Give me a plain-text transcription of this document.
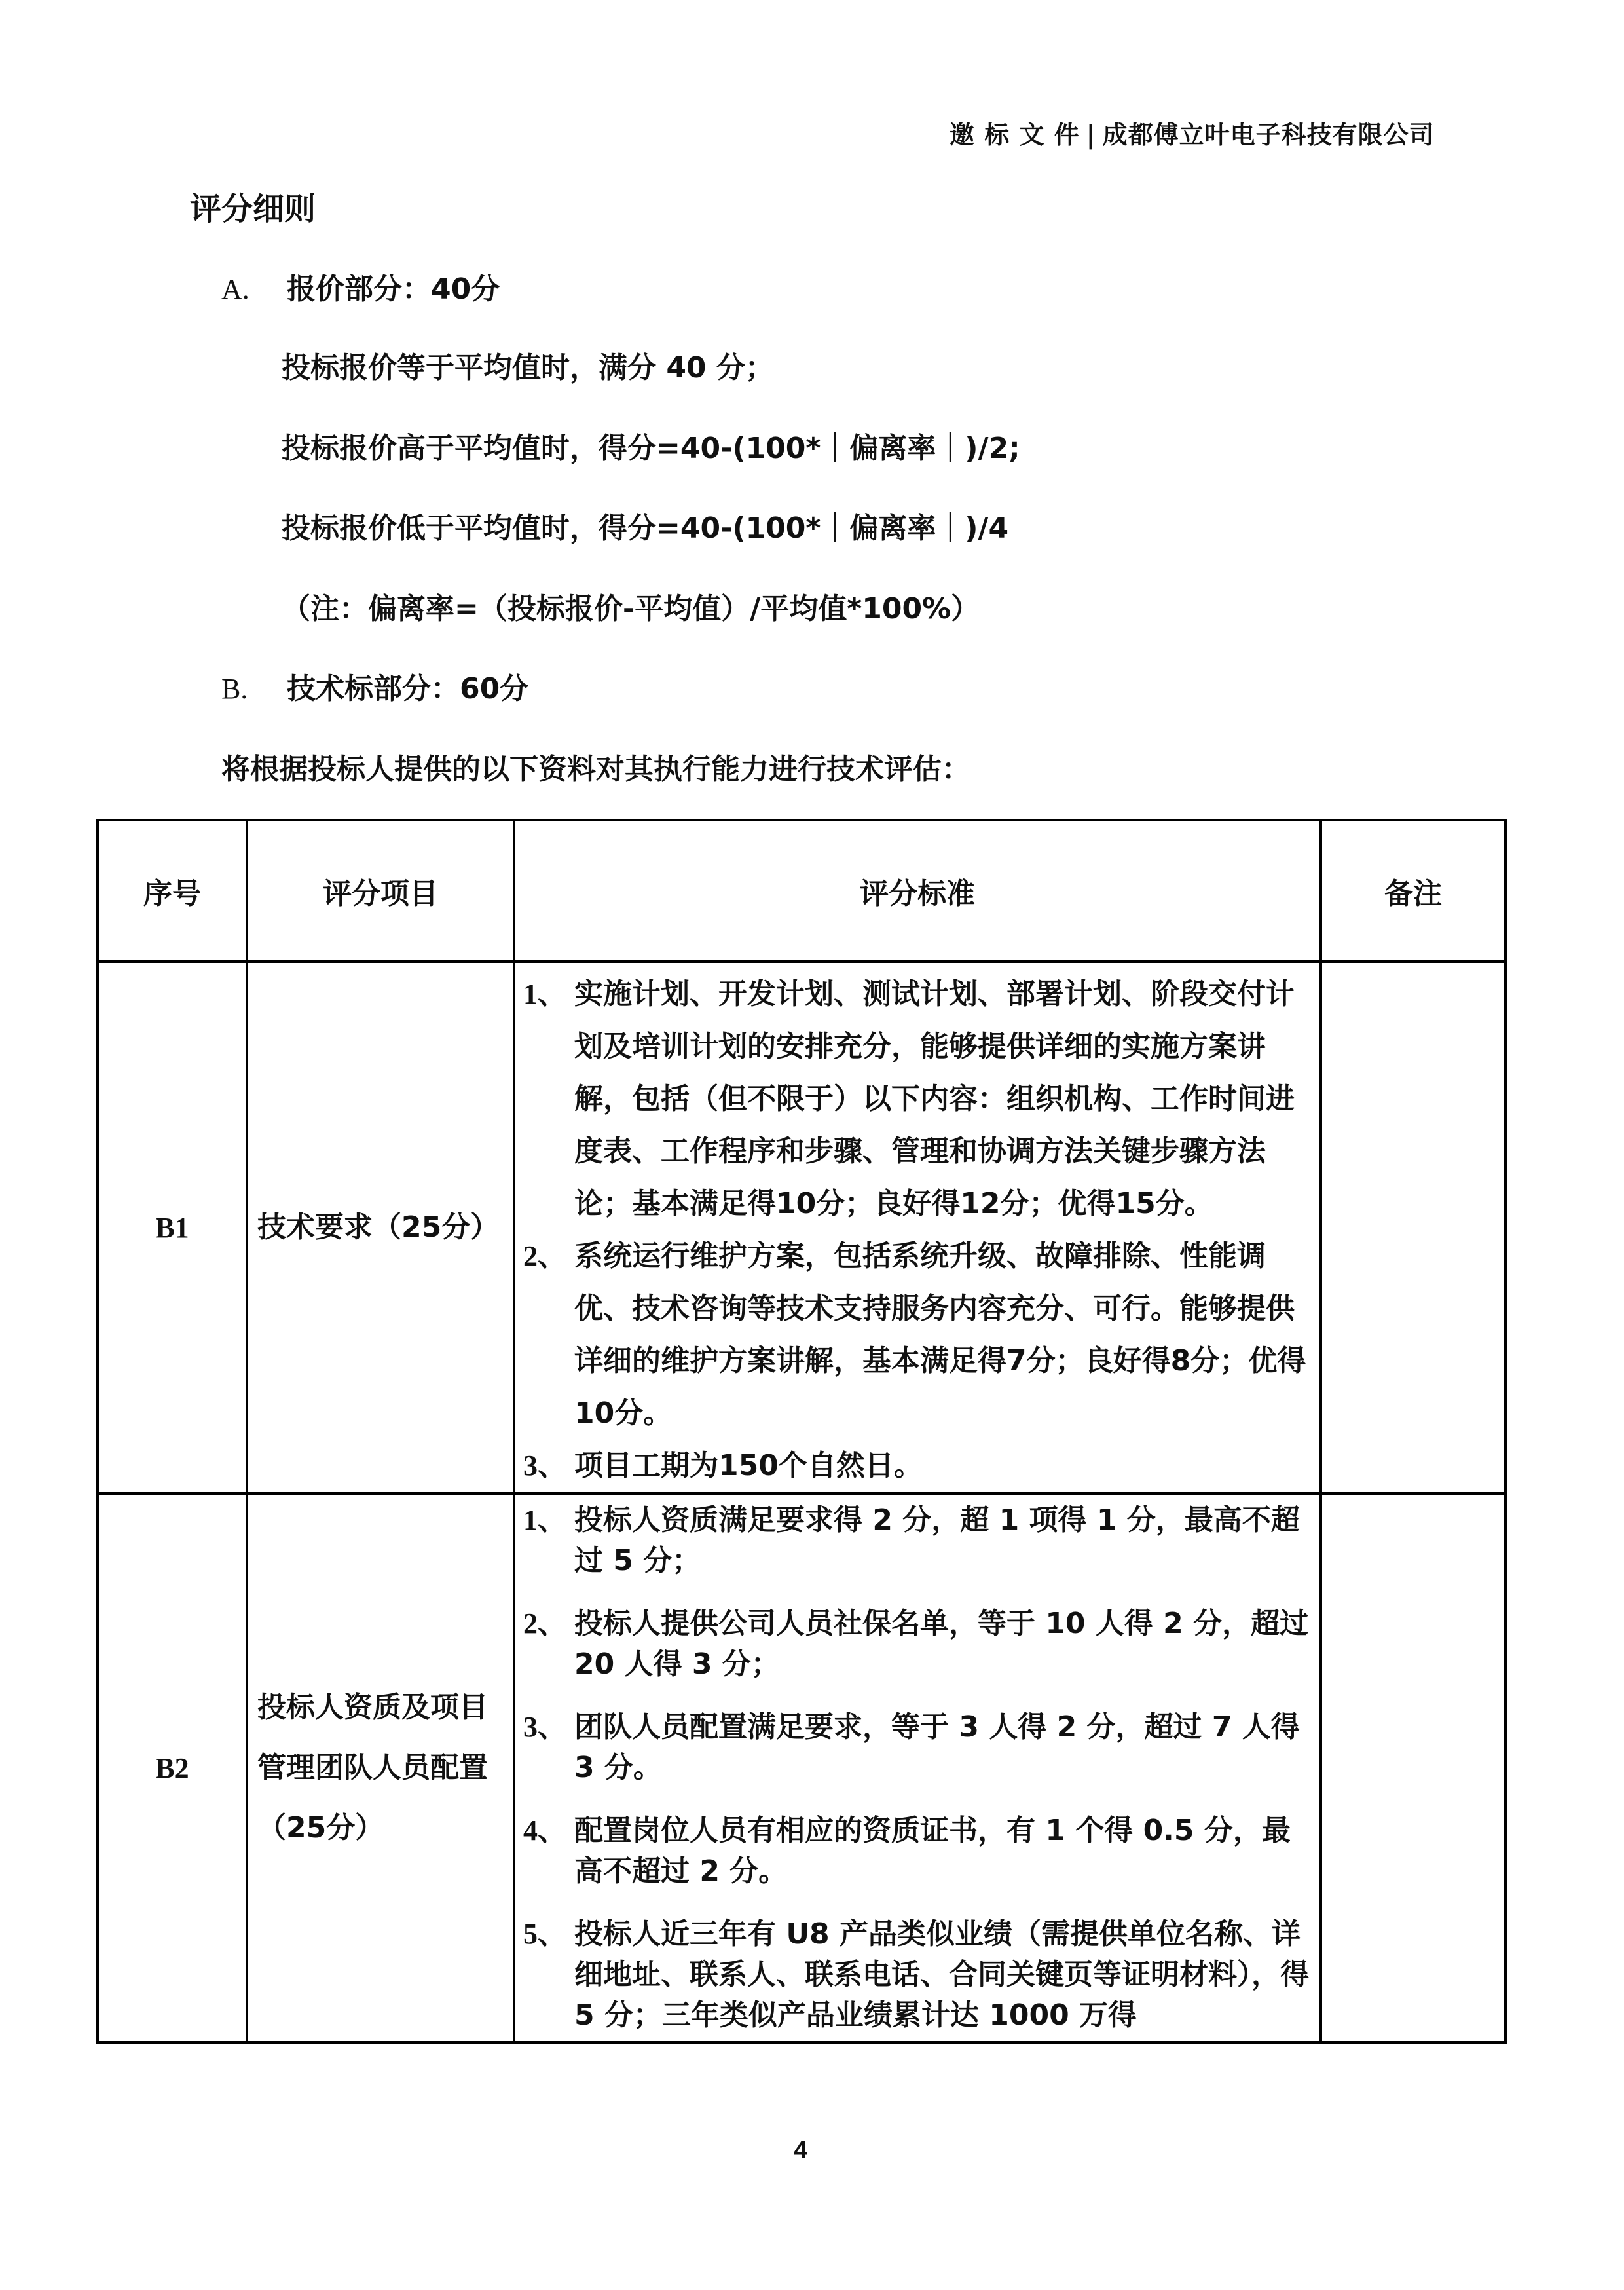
邀 标 文 件 | 成都傅立叶电子科技有限公司
评分细则
A. 报价部分：40分
投标报价等于平均值时，满分 40 分；
投标报价高于平均值时，得分=40-(100*｜偏离率｜)/2;
投标报价低于平均值时，得分=40-(100*｜偏离率｜)/4
（注：偏离率=（投标报价-平均值）/平均值*100%）
B. 技术标部分：60分
将根据投标人提供的以下资料对其执行能力进行技术评估：
序号	评分项目	评分标准	备注
B1	技术要求（25分）	
1、 实施计划、开发计划、测试计划、部署计划、阶段交付计划及培训计划的安排充分，能够提供详细的实施方案讲解，包括（但不限于）以下内容：组织机构、工作时间进度表、工作程序和步骤、管理和协调方法关键步骤方法论；基本满足得10分；良好得12分；优得15分。
2、 系统运行维护方案，包括系统升级、故障排除、性能调优、技术咨询等技术支持服务内容充分、可行。能够提供详细的维护方案讲解，基本满足得7分；良好得8分；优得10分。
3、 项目工期为150个自然日。

B2	投标人资质及项目管理团队人员配置（25分）	
1、 投标人资质满足要求得 2 分，超 1 项得 1 分，最高不超过 5 分；
2、 投标人提供公司人员社保名单，等于 10 人得 2 分，超过 20 人得 3 分；
3、 团队人员配置满足要求，等于 3 人得 2 分，超过 7 人得 3 分。
4、 配置岗位人员有相应的资质证书，有 1 个得 0.5 分，最高不超过 2 分。
5、 投标人近三年有 U8 产品类似业绩（需提供单位名称、详细地址、联系人、联系电话、合同关键页等证明材料），得 5 分；三年类似产品业绩累计达 1000 万得

4
